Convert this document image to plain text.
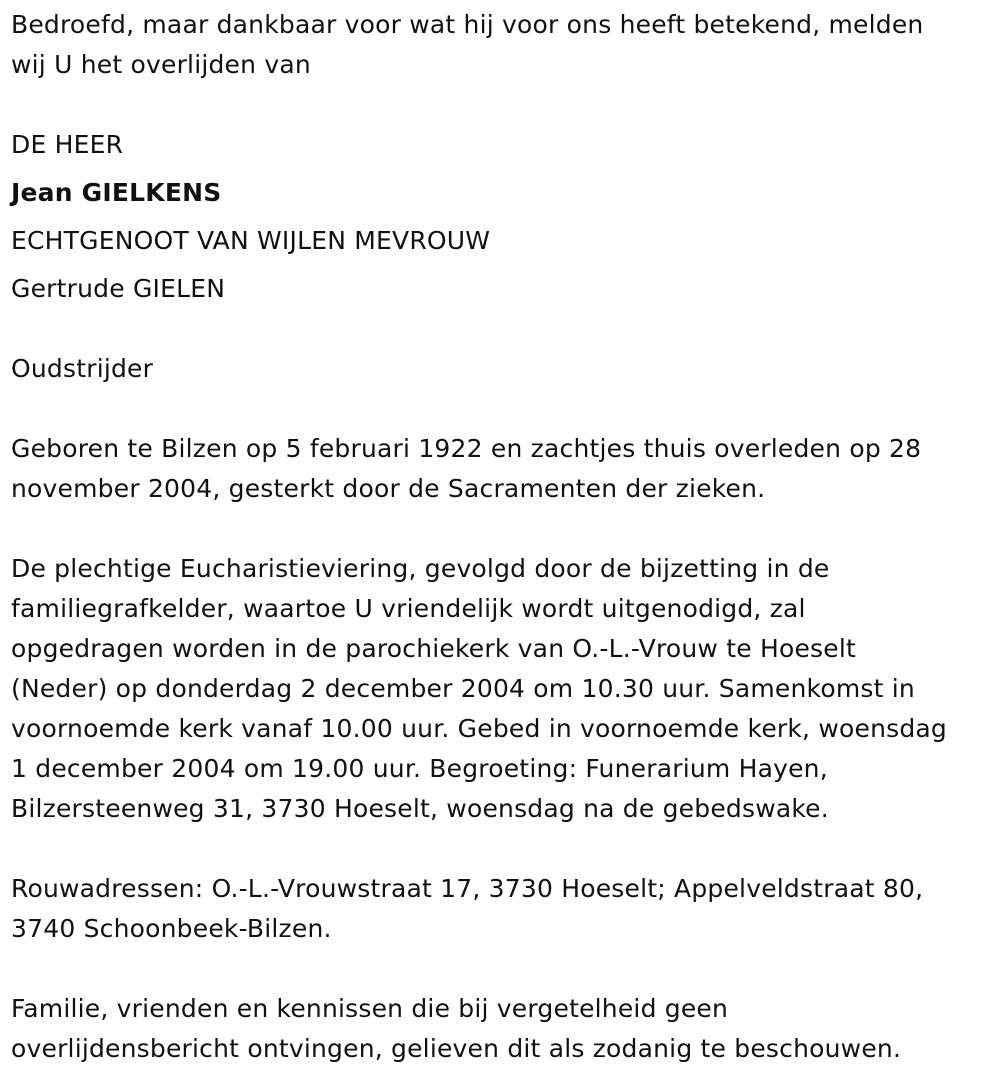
Bedroefd, maar dankbaar voor wat hij voor ons heeft betekend, melden
wij U het overlijden van
DE HEER
Jean GIELKENS
ECHTGENOOT VAN WIJLEN MEVROUW
Gertrude GIELEN
Oudstrijder
Geboren te Bilzen op 5 februari 1922 en zachtjes thuis overleden op 28
november 2004, gesterkt door de Sacramenten der zieken.
De plechtige Eucharistieviering, gevolgd door de bijzetting in de
familiegrafkelder, waartoe U vriendelijk wordt uitgenodigd, zal
opgedragen worden in de parochiekerk van O.-L.-Vrouw te Hoeselt
(Neder) op donderdag 2 december 2004 om 10.30 uur. Samenkomst in
voornoemde kerk vanaf 10.00 uur. Gebed in voornoemde kerk, woensdag
1 december 2004 om 19.00 uur. Begroeting: Funerarium Hayen,
Bilzersteenweg 31, 3730 Hoeselt, woensdag na de gebedswake.
Rouwadressen: O.-L.-Vrouwstraat 17, 3730 Hoeselt; Appelveldstraat 80,
3740 Schoonbeek-Bilzen.
Familie, vrienden en kennissen die bij vergetelheid geen
overlijdensbericht ontvingen, gelieven dit als zodanig te beschouwen.
